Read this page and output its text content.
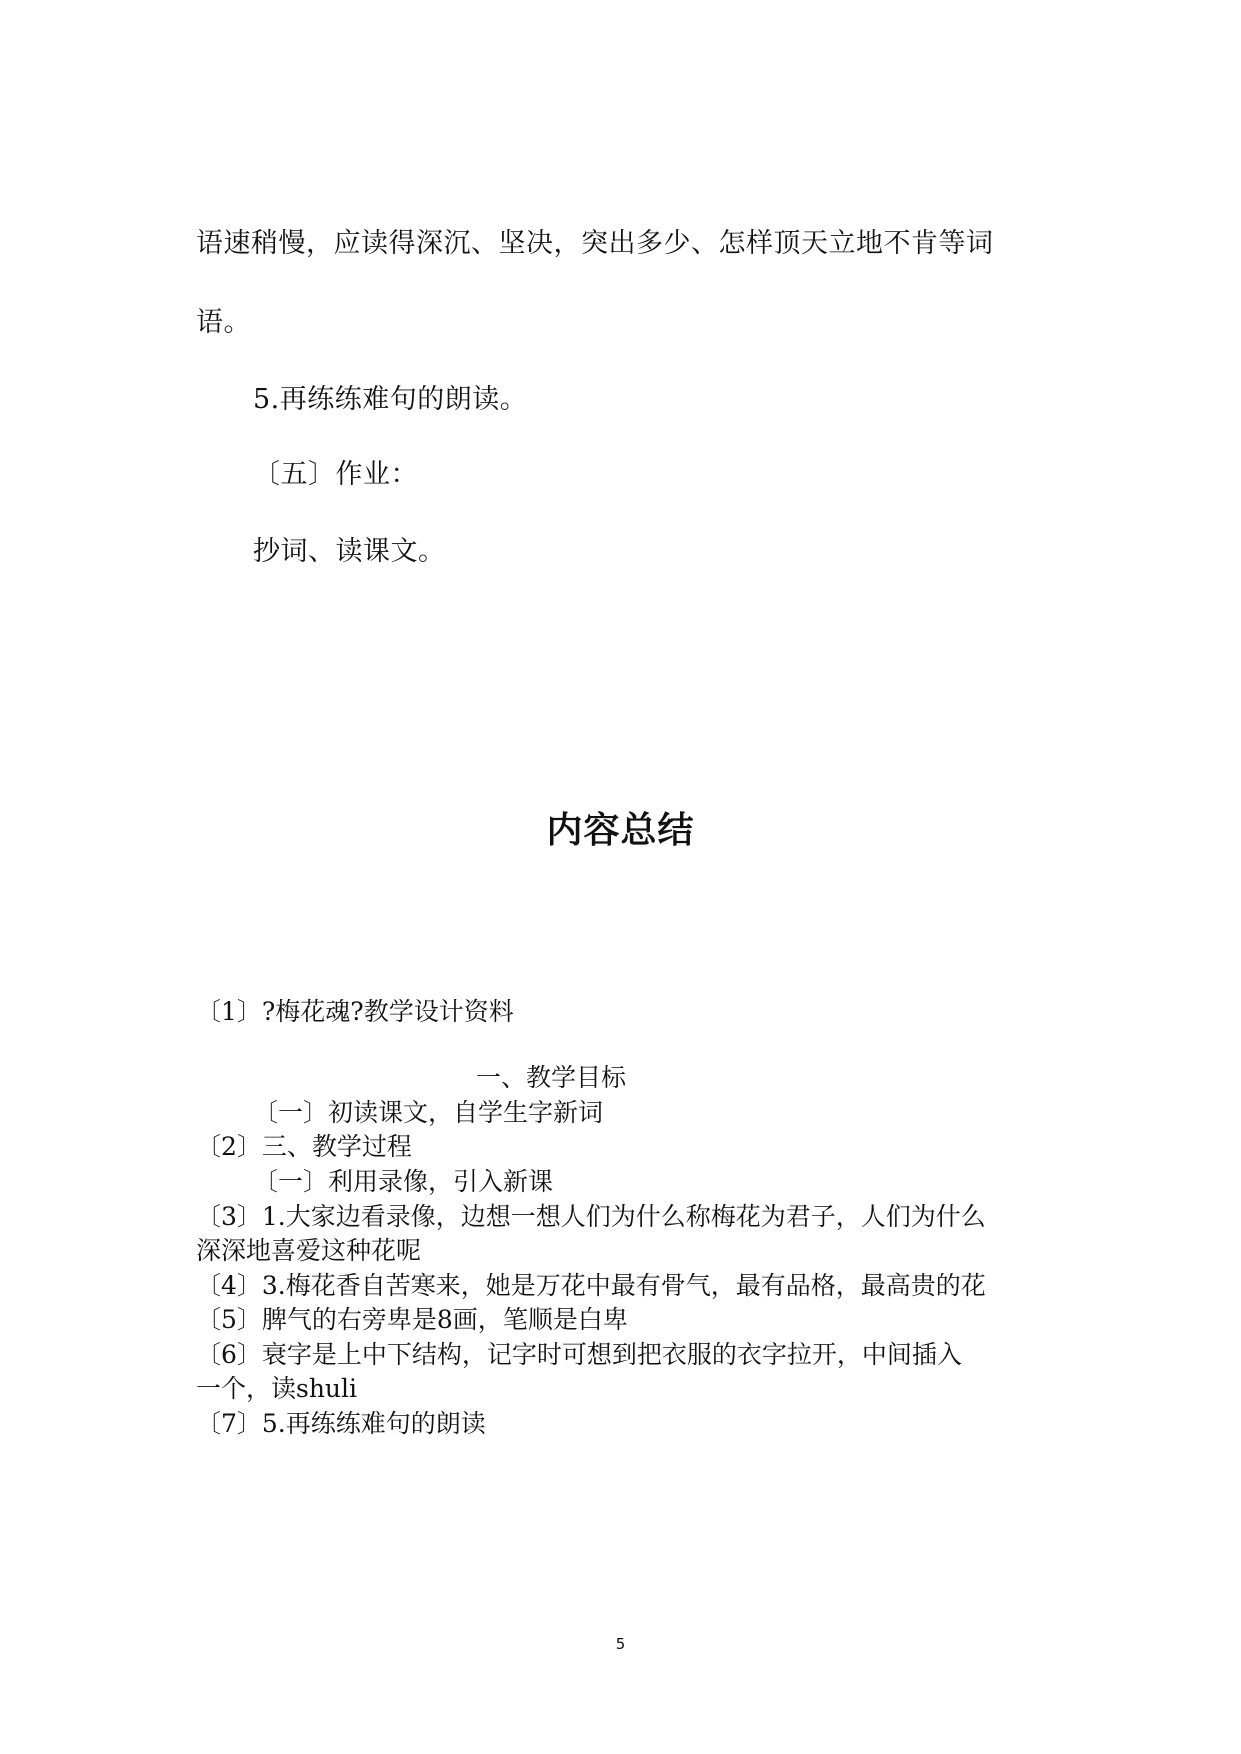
语速稍慢，应读得深沉、坚决，突出多少、怎样顶天立地不肯等词
语。
5.再练练难句的朗读。
〔五〕作业：
抄词、读课文。
内容总结
〔1〕?梅花魂?教学设计资料
一、教学目标
〔一〕初读课文，自学生字新词
〔2〕三、教学过程
〔一〕利用录像，引入新课
〔3〕1.大家边看录像，边想一想人们为什么称梅花为君子，人们为什么
深深地喜爱这种花呢
〔4〕3.梅花香自苦寒来，她是万花中最有骨气，最有品格，最高贵的花
〔5〕脾气的右旁卑是8画，笔顺是白卑
〔6〕衰字是上中下结构，记字时可想到把衣服的衣字拉开，中间插入
一个，读shuli
〔7〕5.再练练难句的朗读
5
